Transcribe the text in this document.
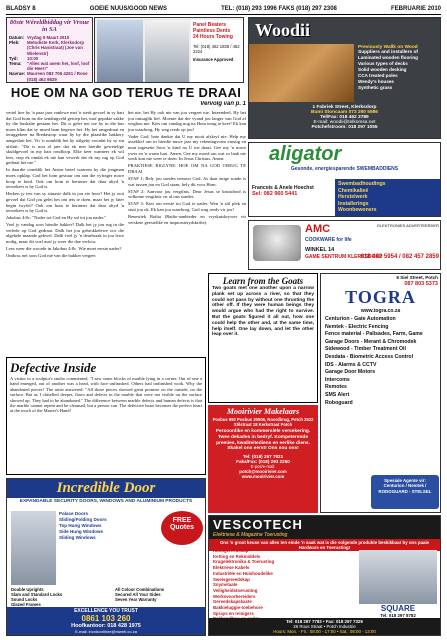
BLADSY 8	GOEIE NUUS/GOOD NEWS	TEL: (018) 293 1996 FAKS (018) 297 2308	FEBRUARIE 2010
80ste Wêreldbiddag vir Vroue in SA
Datum: Vrydag 5 Maart 2010
Plek:	Metodiste Kerk, Klerksdorp (Chris Hanistraat) (Joe van Wielenstr)
Tyd:	10:00
Tema:	"Alles wat asem het, loof, loof die Heer!"
Navrae: Maureen 083 706 4261 / Rose (018) 462 9829
Panel Beaters
Paintless Dents
24 Hours Towing
Tel: (018) 462 1838 / 462 2224
Insurance Approved
Woodii
Previously Wallk on Wood
Suppliers and installers of
Laminated wooden flooring
Various types of decks
Solid wooden decking
CCA treated poles
Wendy's houses
Synthetic grass
1 Fabriek Street, Klerksdorp
Bumi Stoncaam 073 290 5986
Tel/Fax: 018 462 3789
E-mail: woodii@telkomsa.net
Potchefstroom: 018 297 1055
HOE OM NA GOD TERUG TE DRAAI
Vervolg van p. 1

vertel hoe hy 'n paar jaar vanlewe met 'n sterk gevoel in sy hart dat God hom na die sendingveld geroep het, mof gepakte sakke by die bushalte gestaan het. Dit is geler net toe hy in die bus moes klim dat sy moed hom begewe het. Hy het omgedraai en teruggekeer na Bredastorp waar hy by die plaaslike bakkery aangesluit het. Vir 'n oomblik het hy stilgehy voordat hy sy sin afsluit: "Dit is nou al jare dat ek met hierdie gewetelige skuldgevoel in my hart rondloop. Elke keer wanneer ek wil lees, stop ek omdat ek nie kan vewerk dat ek my rug op God gedraai het nie."

In daardie oomblik het Anton besef waarom hy die jongman moes opklap. God het hom gestuur om aan die vyfrager nuwe hoop te bied. Ook om hom te herinner dat daar altyd 'n terwekeer is by God is.

Herken jy iets van sy situasie dalk in jou eie lewe? Het jy ooit gevoel dat God jou gelei het om iets te doen, maar het jy later begin twyfel? Ook om hom te herinner dat daar altyd 'n terwekeer is by God is.

Jakobus 4:8c: "Nader tot God en Hy sal tot jou nader."

Voel jy vandag soos hierdie bakker? Dalk het jy jou rug in die verlede op God gedraai. Dalk het jou gebrokkelewe oor die algehele maande gekwel. Dalk voel jy 'n deurbraak in jou lewe nodig, maar dit voel asof jy weer die dae verloor.

Lees weer die woorde in Jakobus 4:8c. Wie moet eerste nader?

Onthou, net soos God nie van die bakker vergeet

het nie, het Hy ook nie van jou vergeet nie. Inteendeel, Hy het jou ontsaglik lief. Moenie dat die vyand jou langer van God af weghou nie. Kies om vandag nog na Hom terug te keer! Ek kan jou waarborg, Hy wag reeds op jou!

Vader God, baie dankie dat U my nooit afskryf nie. Help my asseblief om in hierdie nuwe jaar my rekeningvorm ernstig en nuut ingesette Soos 'n kind na U toe draai. Gee my 'n nuwe ywer en 'n warm hart. Amen, Gee my moed om wat so lank nie werk kon nie weer te doen. In Jesus Christus. Amen.

PRAKTIESE RIGLYNE: HOE OM NA GOD TERUG TE DRAAI

STAP 1: Bely jou sondes teenoor God. As daar enige sonde is wat tussen jou en God staan, bely dit voor Hom.

STAP 2: Aanvaar jou vergifnis. Deur Jesus se kruisdood is volkome vergifnis vir al ons sondes.

STAP 3: Kies om eerste tot God te nader. Wen 'n stil plek en stuit jou ok. Ek kan jou waarborg, God wag reeds vir jou!

Benestiek Botha (Radio-aanbieder en vryskutskrywer vir verskeie geestelike en inspirasietydskrifte).

aligator
Gesonde, energiesparende SWEMBADDIENS
Francois & Anele Hoechst
Sel: 082 960 5441
Swembadhoudings
Chemikalieë
Herstelwerk
Installerings
Woonbewoners
AMC
COOKWARE for life
ELEKTRONIES ADVERTEERDER
WINKEL 14
GAME SENTRUM KLERKSDORP
018 462 5954 / 082 457 2859
Defective Inside
A visitor to a sculptor's studio commented, "I saw some blocks of marble lying in a corner. Out of one a hand emerged, out of another was a head, with face unfinished. Others had unfinished work. Why the abandoned pieces? The artist answered: "All those pieces showed great promise on the outside, on the surface. But as I chiselled deeper, flaws and defects in the marble that were not visible on the surface showed up. They had to be abandoned." The difference between marble defects and human defects is that the marble cannot repent and be cleansed, but a person can. The defective heart becomes the perfect heart at the touch of the Master's Hand!
Learn from the Goats
Two goats met one another upon a narrow plank set up across a river, so that they could not pass by without one thrusting the other off. If they were human beings they would argue who had the right to survive. But the goats figured it all out, how one could help the other and, at the same time, help itself. One lay down, and let the other leap over it.
Mooirivier Makelaars
Posbus 992 Posbus 20506, Noordbrug, Potch 2522 Stilstraat 18 Kerkstraat Potch
Persoonlike en kommersiële versekering. Twee dekades in bedryf. Kompeterende premies, kwaliteitediens en eerlike diens. Skakel ons eerst! Ons sou ons!
Tel: (018) 297 7821
Faks/Fax: (018) 293 2250
E-pos/e-mail:
potch@mooirivier.com
www.mooirivier.com
8 Siel Street, Potch
087 803 5373
TOGRA
www.togra.co.za
Centurion - Gate Automation
Nemtek - Electric Fencing
Fence material - Palisades, Farm, Game
Garage Doors - Merant & Chromodek
Sidewood - Timber Treatment Oil
Dexdata - Biometric Access Control
IDS - Alarms & CCTV
Garage Door Motors
Intercoms
Remotes
SMS Alert
Roboguard
Spesiale Agente vir: Centurion / Nemtek / RODOGUARD - STELSEL
Incredible Door
EXPANDABLE SECURITY DOORS, WINDOWS AND ALUMINIUM PRODUCTS
Palace Doors
Sliding/Folding Doors
Top Hung Windows
Side Hung Windows
Sliding Windows
FREE Quotes
Double Uprights
Slam and Standard Locks
Sound Locks
Glazed Frames
All Colour Combinations
Secured All Your Sides
Seven Year Warranty
EXCELLENCE YOU TRUST
0861 103 260
Hoofkantoor: 018 428 1975
E-mail: incrdoorlihee@mweb.co.za
VESCOTECH
Elektriese & Magazine Toerusting
Ons 'n groot keuse van alles ten einde 'n saak wat is die volgende produkte beskikbaar by ons paaie Hardware en Toerusting!
Handgereedskap
Ketting en Rekmiddels
Kragelektronika & Toerusting
Elektriese Kabels
Industriële en Huishoudelike
Sweisgereedskap
Snymetaale
Veiligheidstoerusting
Werksvoorbereiders
Gereedskapskaste
Bakkieluggie-toebehore
Sprays en reinigers
SQUARE
Tel: 018 297 8782
Tel: 018 297 7783 • Fax: 018 297 7329
28 Roos Straat • Potch Industrie
Hours: Mon. - Fri.: 08:00 - 17:00 • Sat.: 08:00 - 13:00
